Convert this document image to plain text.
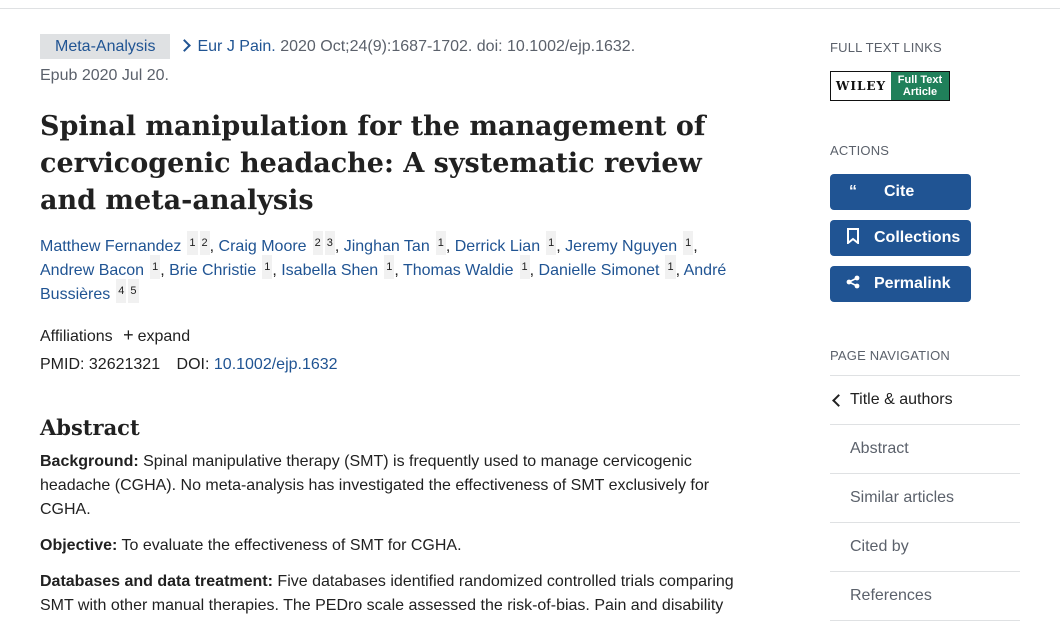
Meta-Analysis	Eur J Pain. 2020 Oct;24(9):1687-1702. doi: 10.1002/ejp.1632.
Epub 2020 Jul 20.
Spinal manipulation for the management of cervicogenic headache: A systematic review and meta-analysis
Matthew Fernandez $^{1 2}$ , Craig Moore $^{2 3}$ , Jinghan Tan $^1$ , Derrick Lian $^1$ , Jeremy Nguyen $^1$ , Andrew Bacon $^1$ , Brie Christie $^1$ , Isabella Shen $^1$ , Thomas Waldie $^1$ , Danielle Simonet $^1$ , André Bussières $^{4 5}$
Affiliations + expand
PMID: 32621321 DOI: 10.1002/ejp.1632
Abstract

Background: Spinal manipulative therapy (SMT) is frequently used to manage cervicogenic headache (CGHA). No meta-analysis has investigated the effectiveness of SMT exclusively for CGHA.

Objective: To evaluate the effectiveness of SMT for CGHA.

Databases and data treatment: Five databases identified randomized controlled trials comparing SMT with other manual therapies. The PEDro scale assessed the risk-of-bias. Pain and disability

FULL TEXT LINKS
WILEY	Full Text
Article
ACTIONS
“	Cite
Collections
Permalink
PAGE NAVIGATION
Title & authors
Abstract
Similar articles
Cited by
References
